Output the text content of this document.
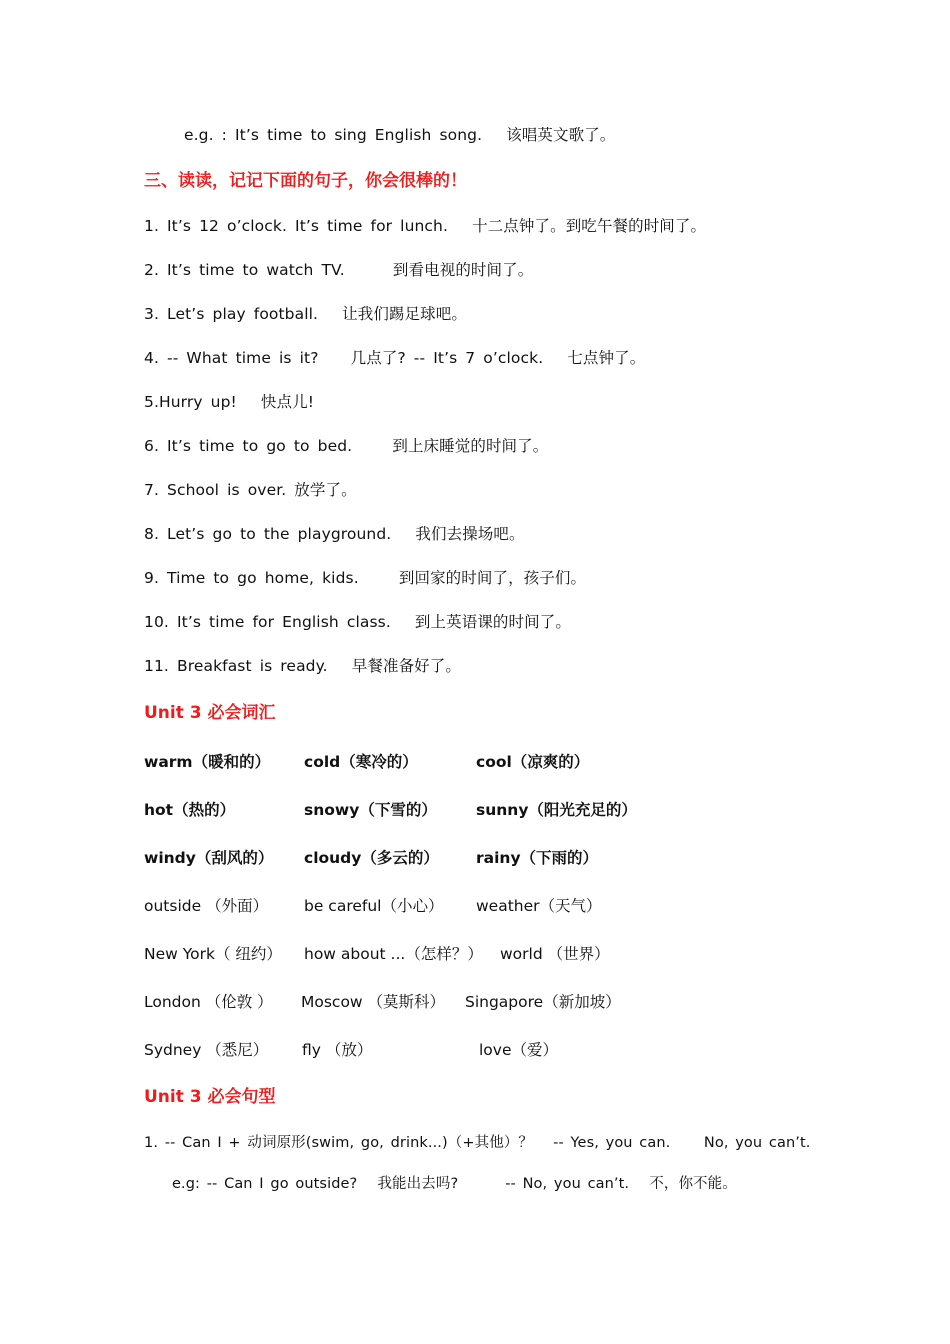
e.g. : It’s time to sing English song.   该唱英文歌了。
三、读读，记记下面的句子，你会很棒的！
1. It’s 12 o’clock. It’s time for lunch.   十二点钟了。到吃午餐的时间了。
2. It’s time to watch TV.      到看电视的时间了。
3. Let’s play football.   让我们踢足球吧。
4. -- What time is it?    几点了? -- It’s 7 o’clock.   七点钟了。
5.Hurry up!   快点儿!
6. It’s time to go to bed.     到上床睡觉的时间了。
7. School is over. 放学了。
8. Let’s go to the playground.   我们去操场吧。
9. Time to go home, kids.     到回家的时间了，孩子们。
10. It’s time for English class.   到上英语课的时间了。
11. Breakfast is ready.   早餐准备好了。
Unit 3 必会词汇
warm（暖和的） cold（寒冷的）	cool（凉爽的）
hot（热的）	snowy（下雪的）	sunny（阳光充足的）
windy（刮风的） cloudy（多云的） rainy（下雨的）
outside （外面） be careful（小心） weather（天气）
New York（ 纽约） how about ...（怎样？） world （世界）
London （伦敦 ） Moscow （莫斯科） Singapore（新加坡）
Sydney （悉尼） fly （放）	love（爱）
Unit 3 必会句型
1. -- Can I + 动词原形(swim, go, drink...)（+其他）？   -- Yes, you can.     No, you can’t.
e.g: -- Can I go outside?   我能出去吗?       -- No, you can’t.   不，你不能。
